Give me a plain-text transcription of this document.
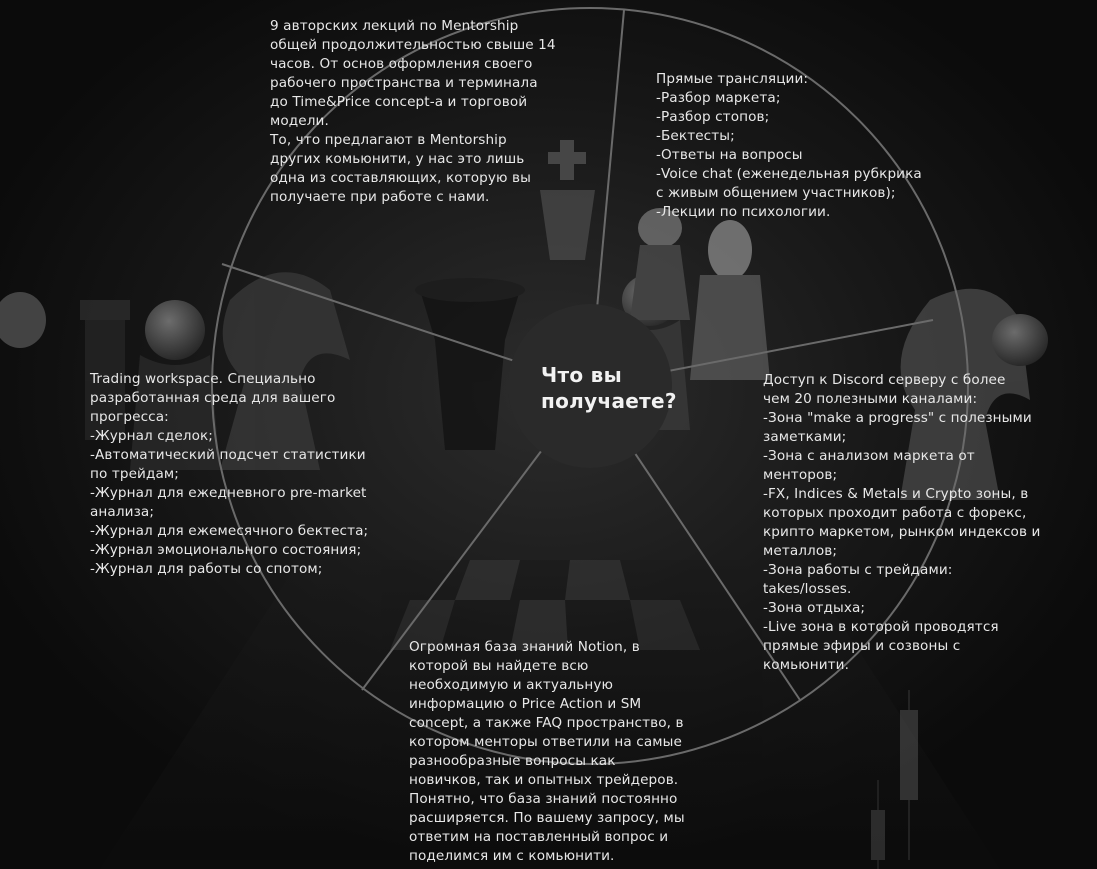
Что вы
получаете?

9 авторских лекций по Mentorship
общей продолжительностью свыше 14
часов. От основ оформления своего
рабочего пространства и терминала
до Time&Price concept-а и торговой
модели.
То, что предлагают в Mentorship
других комьюнити, у нас это лишь
одна из составляющих, которую вы
получаете при работе с нами.

Прямые трансляции:
-Разбор маркета;
-Разбор стопов;
-Бектесты;
-Ответы на вопросы
-Voice chat (еженедельная рубкрика
с живым общением участников);
-Лекции по психологии.

Доступ к Discord серверу с более
чем 20 полезными каналами:
-Зона "make a progress" с полезными
заметками;
-Зона с анализом маркета от
менторов;
-FX, Indices & Metals и Crypto зоны, в
которых проходит работа с форекс,
крипто маркетом, рынком индексов и
металлов;
-Зона работы с трейдами:
takes/losses.
-Зона отдыха;
-Live зона в которой проводятся
прямые эфиры и созвоны с
комьюнити.

Trading workspace. Специально
разработанная среда для вашего
прогресса:
-Журнал сделок;
-Автоматический подсчет статистики
по трейдам;
-Журнал для ежедневного pre-market
анализа;
-Журнал для ежемесячного бектеста;
-Журнал эмоционального состояния;
-Журнал для работы со спотом;

Огромная база знаний Notion, в
которой вы найдете всю
необходимую и актуальную
информацию о Price Action и SM
concept, а также FAQ пространство, в
котором менторы ответили на самые
разнообразные вопросы как
новичков, так и опытных трейдеров.
Понятно, что база знаний постоянно
расширяется. По вашему запросу, мы
ответим на поставленный вопрос и
поделимся им с комьюнити.
